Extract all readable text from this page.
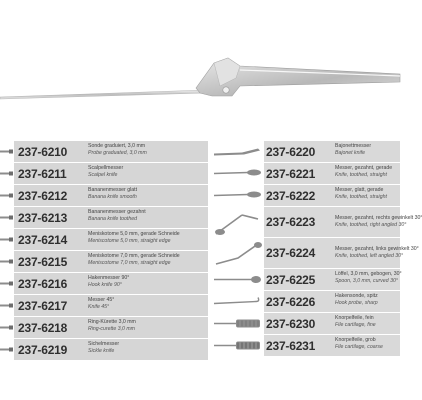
237-6210	Sonde graduiert, 3,0 mm
Probe graduated, 3,0 mm
237-6211	Scalpellmesser
Scalpel knife
237-6212	Bananenmesser glatt
Banana knife smooth
237-6213	Bananenmesser gezahnt
Banana knife toothed
237-6214	Meniskotome 5,0 mm, gerade Schneide
Meniscotome 5,0 mm, straight edge
237-6215	Meniskotome 7,0 mm, gerade Schneide
Meniscotome 7,0 mm, straight edge
237-6216	Hakenmesser 90°
Hook knife 90°
237-6217	Messer 45°
Knife 45°
237-6218	Ring-Kürette 3,0 mm
Ring-curette 3,0 mm
237-6219	Sichelmesser
Sickle knife
237-6220	Bajonettmesser
Bajonet knife
237-6221	Messer, gezahnt, gerade
Knife, toothed, straight
237-6222	Messer, glatt, gerade
Knife, toothed, straight
237-6223	Messer, gezahnt, rechts gewinkelt 30°
Knife, toothed, right angled 30°
237-6224	Messer, gezahnt, links gewinkelt 30°
Knife, toothed, left angled 30°
237-6225	Löffel, 3,0 mm, gebogen, 30°
Spoon, 3,0 mm, curved 30°
237-6226	Hakensonde, spitz
Hook probe, sharp
237-6230	Knorpelfeile, fein
File cartilage, fine
237-6231	Knorpelfeile, grob
File cartilage, coarse
